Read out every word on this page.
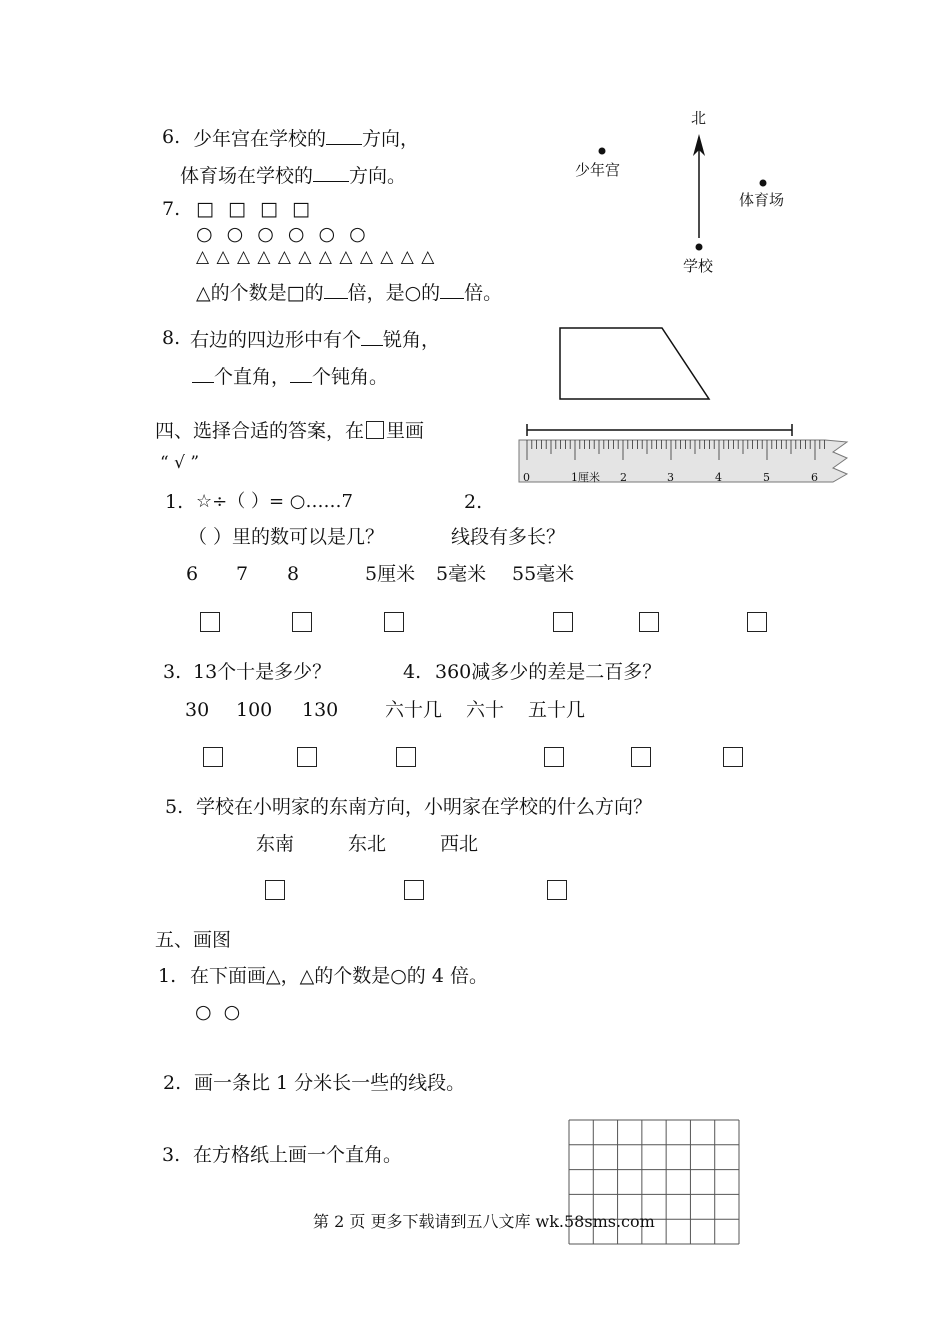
6. 少年宫在学校的 方向，
体育场在学校的 方向。
北
少年宫
体育场
学校
7. □ □ □ □
○ ○ ○ ○ ○ ○
△ △ △ △ △ △ △ △ △ △ △ △
△的个数是□的 倍，是○的 倍。
8. 右边的四边形中有个 锐角，
个直角， 个钝角。
四、选择合适的答案，在 里画
“ √ ”
0	1厘米 2	3	4	5	6
1. ☆÷（ ）= ○……7	2.
（ ）里的数可以是几？	线段有多长？
6 7 8	5厘米 5毫米 55毫米
3. 13个十是多少？	4. 360减多少的差是二百多？
30 100 130 六十几 六十 五十几
5. 学校在小明家的东南方向，小明家在学校的什么方向？
东南	东北	西北
五、画图
1. 在下面画△，△的个数是○的 4 倍。
○  ○
2. 画一条比 1 分米长一些的线段。
3. 在方格纸上画一个直角。
第 2 页 更多下载请到五八文库 wk.58sms.com
